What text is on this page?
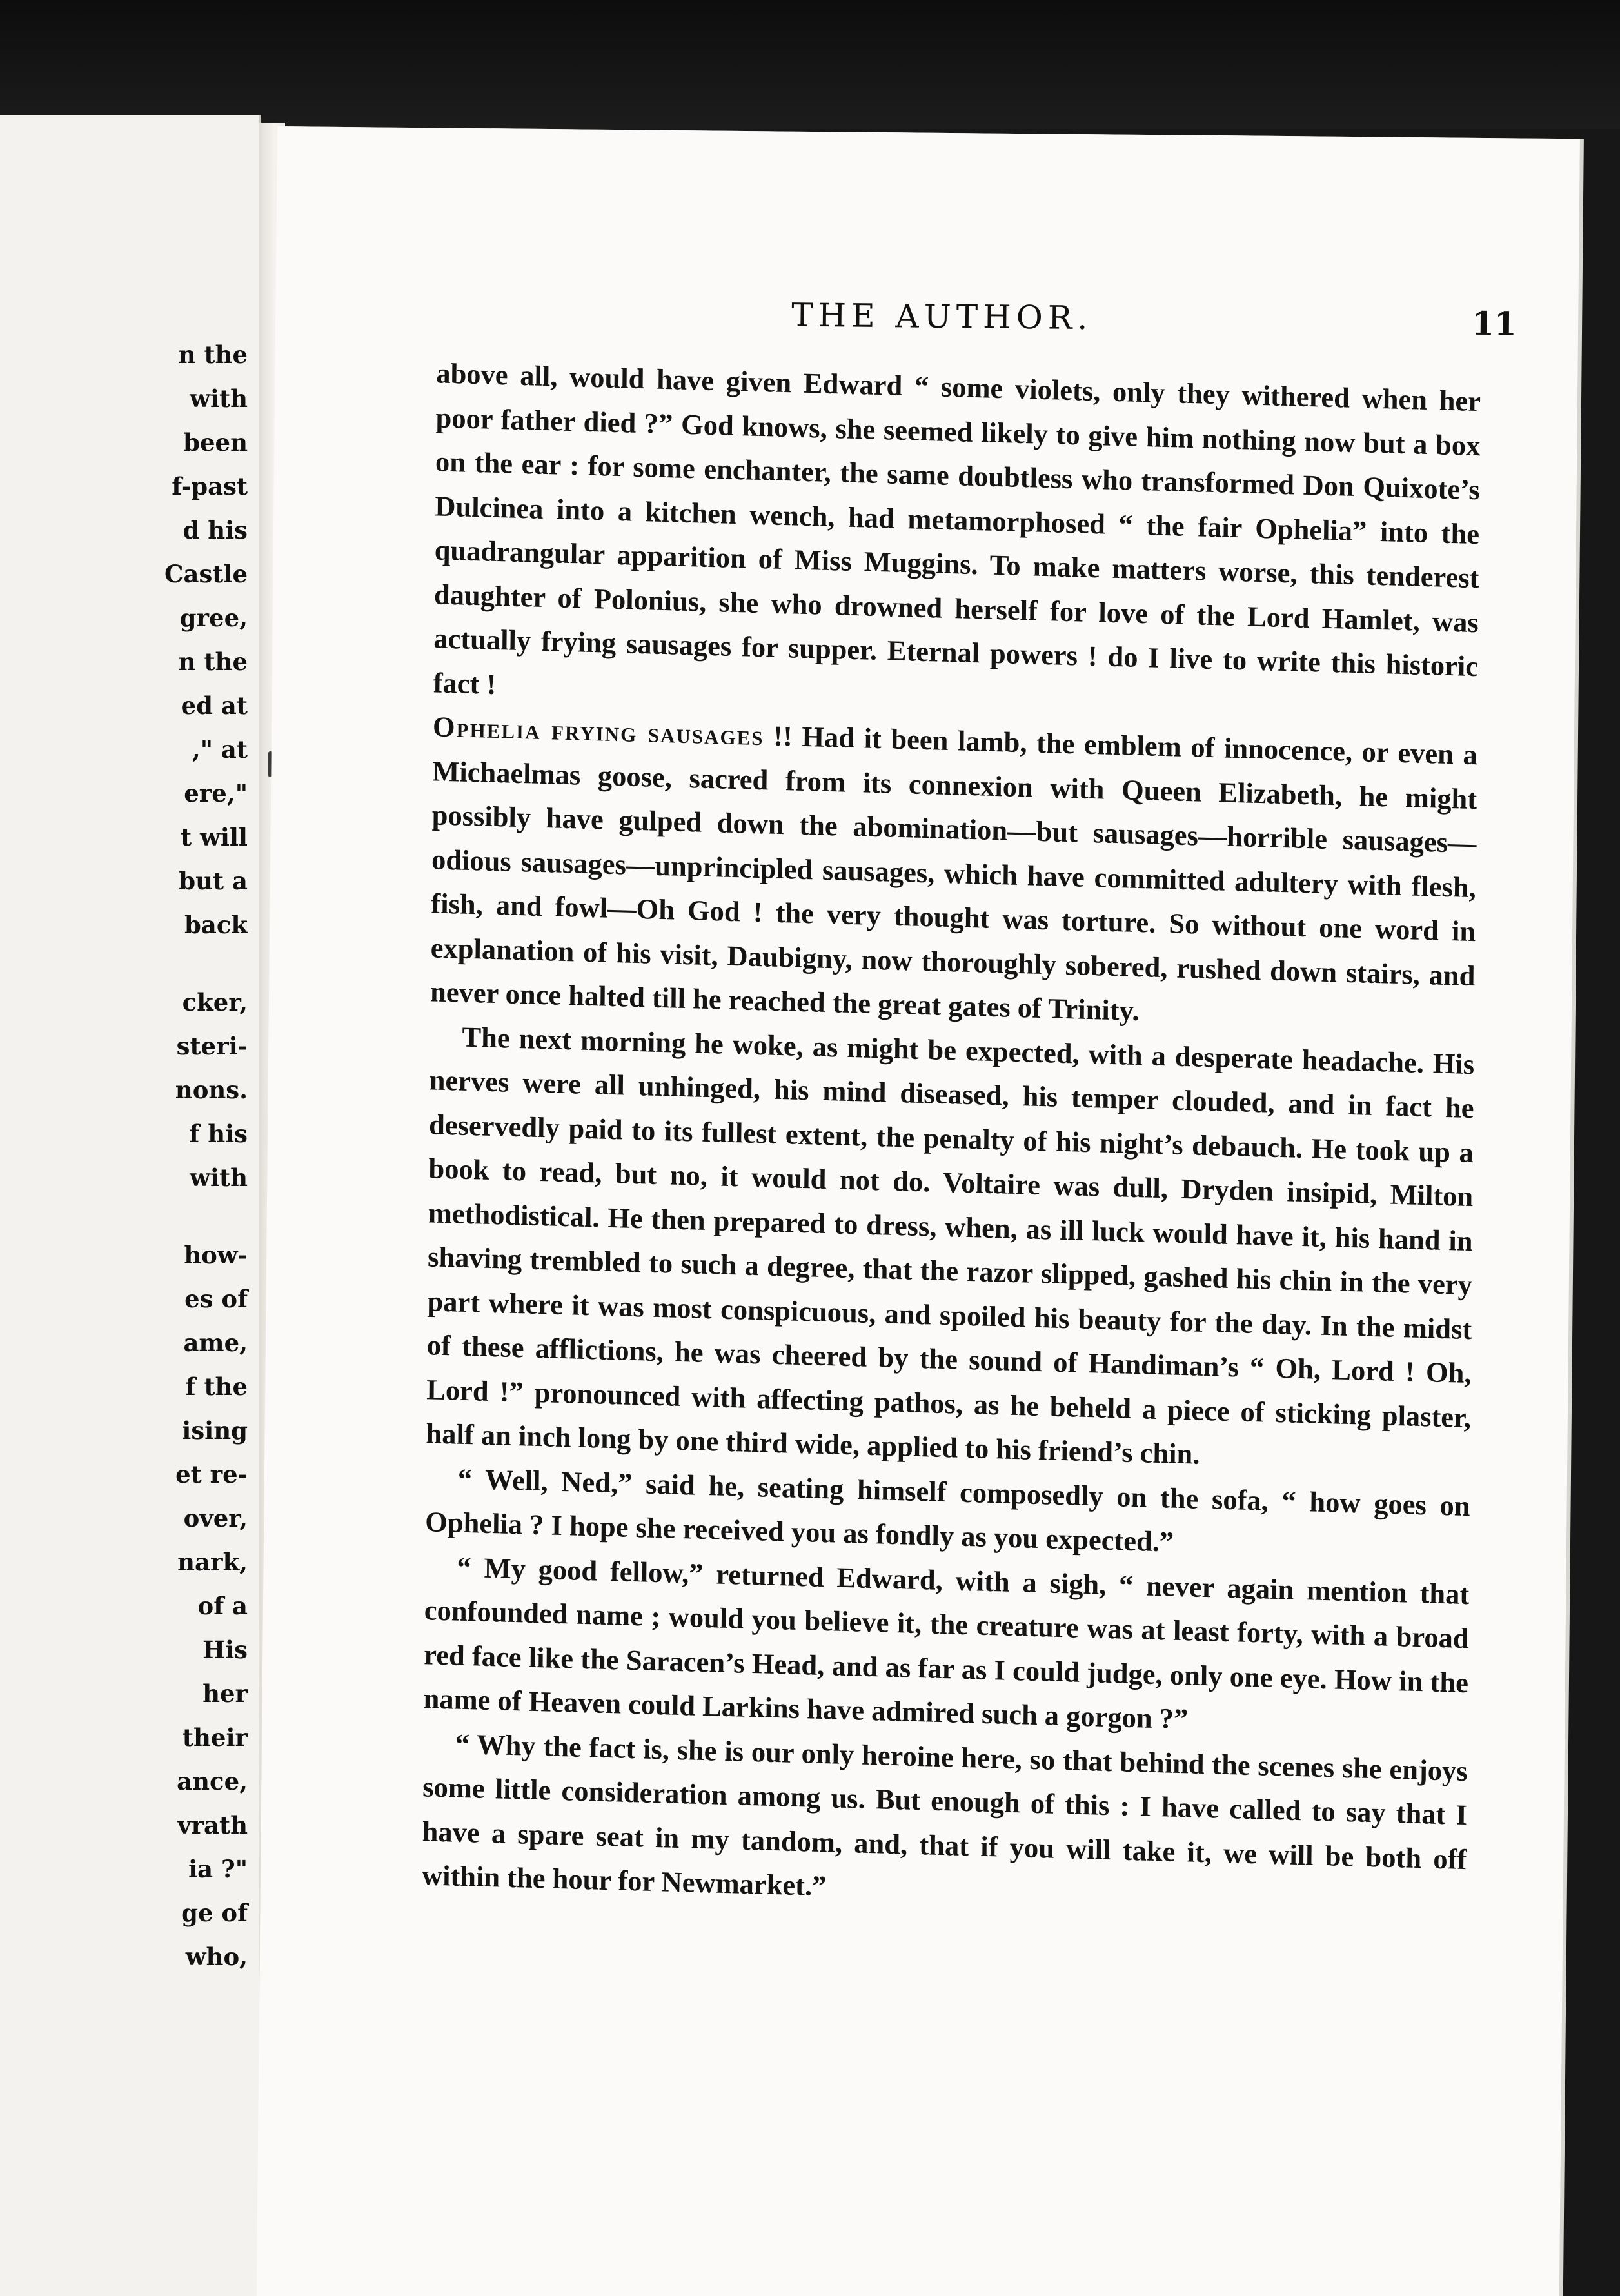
n the
with
been
f-past
d his
Castle
gree,
n the
ed at
," at
ere,"
t will
but a
back
cker,
steri-
nons.
f his
with
how-
es of
ame,
f the
ising
et re-
over,
nark,
of a
His
her
their
ance,
vrath
ia ?"
ge of
who,
THE AUTHOR.	11

above all, would have given Edward “ some violets, only they withered when her poor father died ?” God knows, she seemed likely to give him nothing now but a box on the ear : for some enchanter, the same doubtless who transformed Don Quixote’s Dulcinea into a kitchen wench, had metamorphosed “ the fair Ophelia” into the quadrangular apparition of Miss Muggins. To make matters worse, this tenderest daughter of Polonius, she who drowned herself for love of the Lord Hamlet, was actually frying sausages for supper. Eternal powers ! do I live to write this historic fact !

Ophelia frying sausages !! Had it been lamb, the emblem of innocence, or even a Michaelmas goose, sacred from its connexion with Queen Elizabeth, he might possibly have gulped down the abomination—but sausages—horrible sausages—odious sausages—unprincipled sausages, which have committed adultery with flesh, fish, and fowl—Oh God ! the very thought was torture. So without one word in explanation of his visit, Daubigny, now thoroughly sobered, rushed down stairs, and never once halted till he reached the great gates of Trinity.

The next morning he woke, as might be expected, with a desperate headache. His nerves were all unhinged, his mind diseased, his temper clouded, and in fact he deservedly paid to its fullest extent, the penalty of his night’s debauch. He took up a book to read, but no, it would not do. Voltaire was dull, Dryden insipid, Milton methodistical. He then prepared to dress, when, as ill luck would have it, his hand in shaving trembled to such a degree, that the razor slipped, gashed his chin in the very part where it was most conspicuous, and spoiled his beauty for the day. In the midst of these afflictions, he was cheered by the sound of Handiman’s “ Oh, Lord ! Oh, Lord !” pronounced with affecting pathos, as he beheld a piece of sticking plaster, half an inch long by one third wide, applied to his friend’s chin.

“ Well, Ned,” said he, seating himself composedly on the sofa, “ how goes on Ophelia ? I hope she received you as fondly as you expected.”

“ My good fellow,” returned Edward, with a sigh, “ never again mention that confounded name ; would you believe it, the creature was at least forty, with a broad red face like the Saracen’s Head, and as far as I could judge, only one eye. How in the name of Heaven could Larkins have admired such a gorgon ?”

“ Why the fact is, she is our only heroine here, so that behind the scenes she enjoys some little consideration among us. But enough of this : I have called to say that I have a spare seat in my tandom, and, that if you will take it, we will be both off within the hour for Newmarket.”
